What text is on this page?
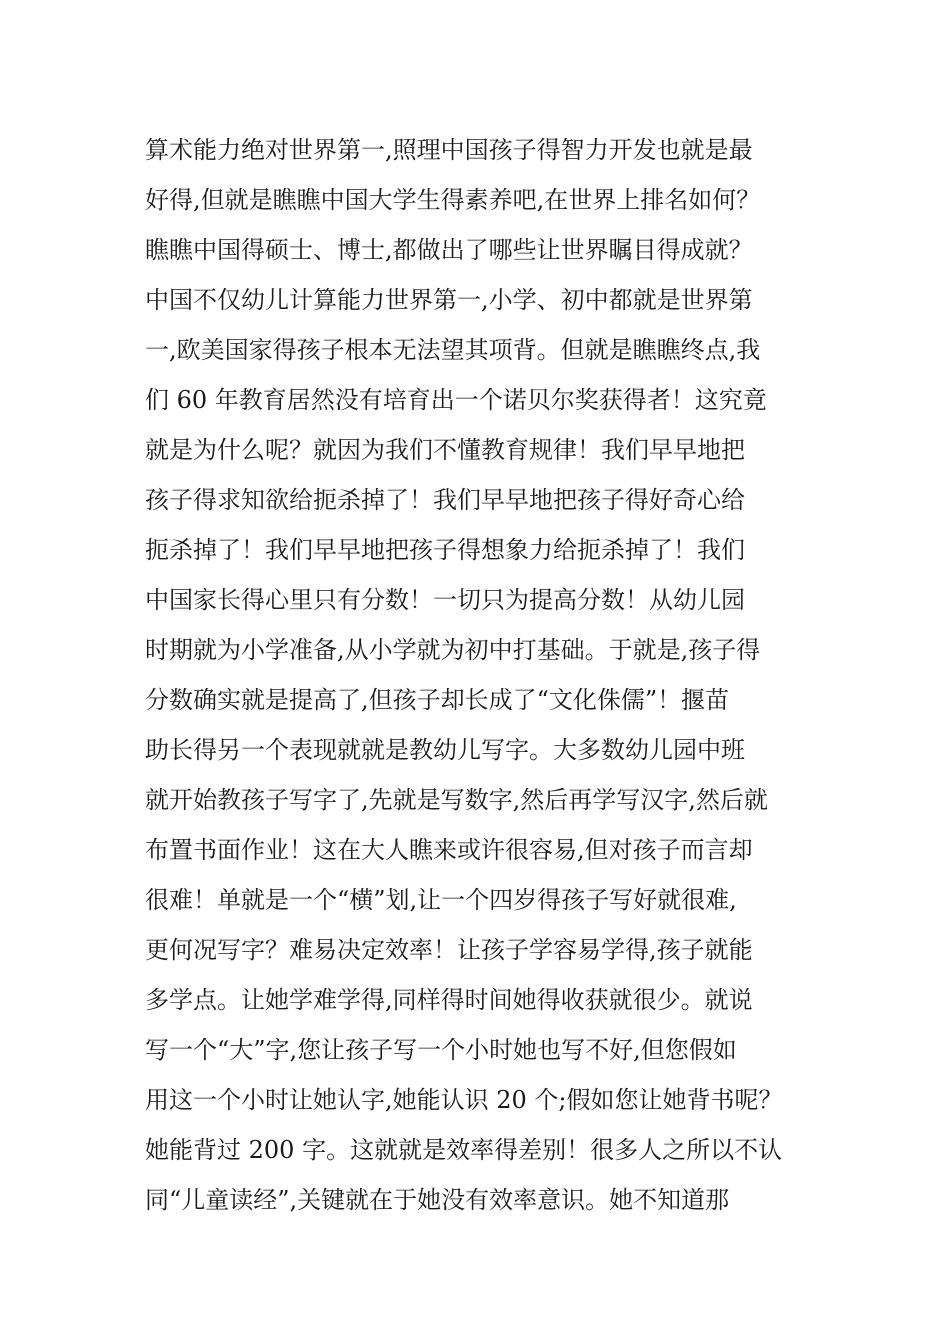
算术能力绝对世界第一,照理中国孩子得智力开发也就是最
好得,但就是瞧瞧中国大学生得素养吧,在世界上排名如何？
瞧瞧中国得硕士、博士,都做出了哪些让世界瞩目得成就？
中国不仅幼儿计算能力世界第一,小学、初中都就是世界第
一,欧美国家得孩子根本无法望其项背。但就是瞧瞧终点,我
们 60 年教育居然没有培育出一个诺贝尔奖获得者！这究竟
就是为什么呢？就因为我们不懂教育规律！我们早早地把
孩子得求知欲给扼杀掉了！我们早早地把孩子得好奇心给
扼杀掉了！我们早早地把孩子得想象力给扼杀掉了！我们
中国家长得心里只有分数！一切只为提高分数！从幼儿园
时期就为小学准备,从小学就为初中打基础。于就是,孩子得
分数确实就是提高了,但孩子却长成了“文化侏儒”！揠苗
助长得另一个表现就就是教幼儿写字。大多数幼儿园中班
就开始教孩子写字了,先就是写数字,然后再学写汉字,然后就
布置书面作业！这在大人瞧来或许很容易,但对孩子而言却
很难！单就是一个“横”划,让一个四岁得孩子写好就很难,
更何况写字？难易决定效率！让孩子学容易学得,孩子就能
多学点。让她学难学得,同样得时间她得收获就很少。就说
写一个“大”字,您让孩子写一个小时她也写不好,但您假如
用这一个小时让她认字,她能认识 20 个;假如您让她背书呢？
她能背过 200 字。这就就是效率得差别！很多人之所以不认
同“儿童读经”,关键就在于她没有效率意识。她不知道那
